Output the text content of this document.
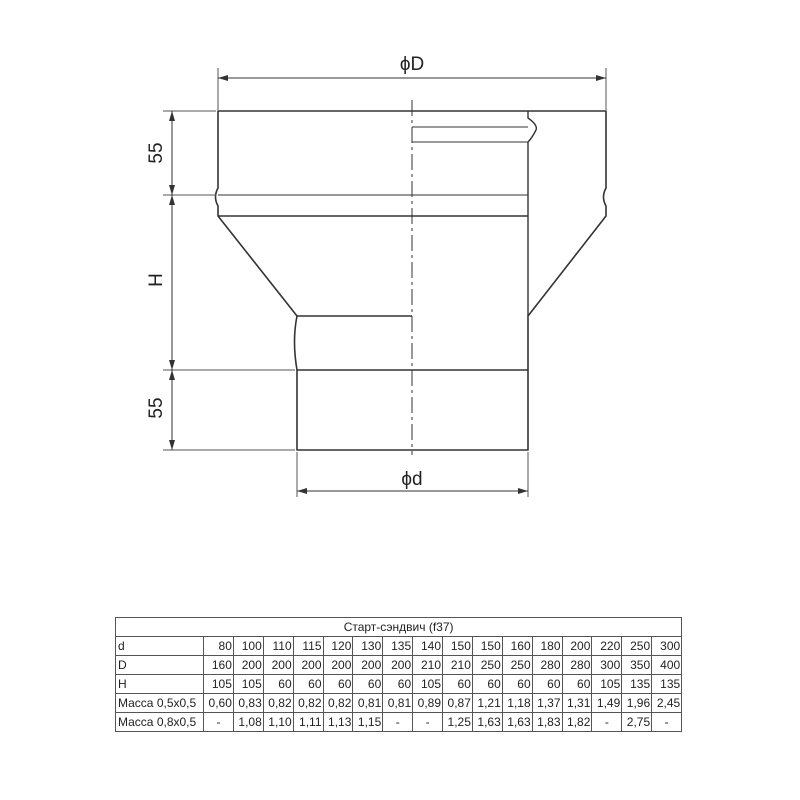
ϕD
ϕd
55
H
55
Старт-сэндвич (f37)																
d	80	100	110	115	120	130	135	140	150	150	160	180	200	220	250	300
D	160	200	200	200	200	200	200	210	210	250	250	280	280	300	350	400
H	105	105	60	60	60	60	60	105	60	60	60	60	60	105	135	135
Масса 0,5х0,5	0,60	0,83	0,82	0,82	0,82	0,81	0,81	0,89	0,87	1,21	1,18	1,37	1,31	1,49	1,96	2,45
Масса 0,8х0,5	-	1,08	1,10	1,11	1,13	1,15	-	-	1,25	1,63	1,63	1,83	1,82	-	2,75	-
